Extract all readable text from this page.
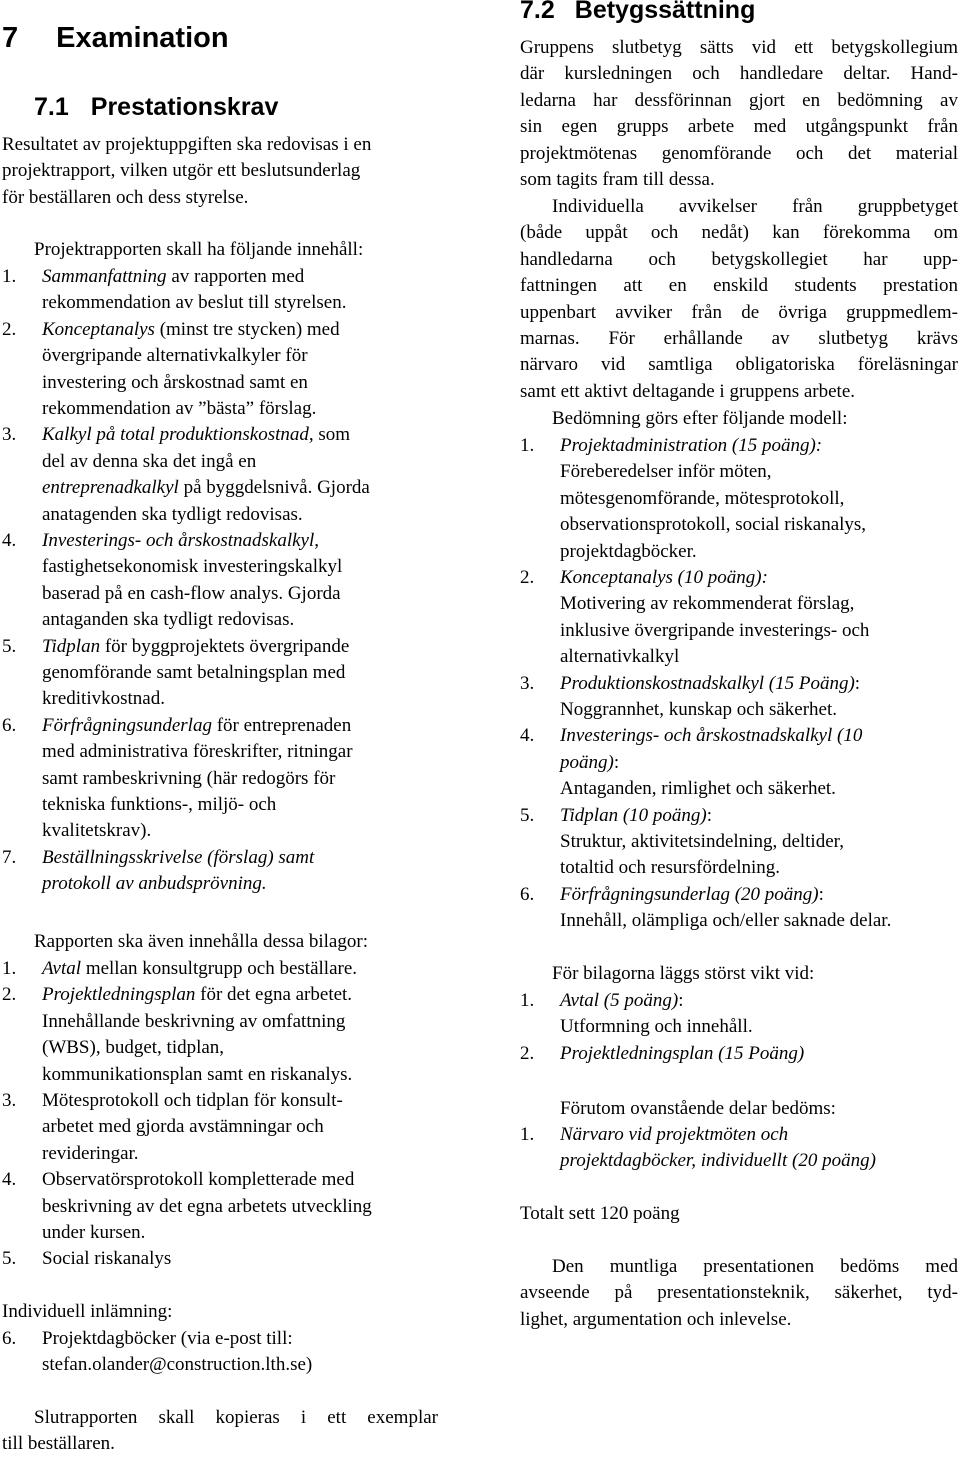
7 Examination
7.1 Prestationskrav
Resultatet av projektuppgiften ska redovisas i en
projektrapport, vilken utgör ett beslutsunderlag
för beställaren och dess styrelse.
Projektrapporten skall ha följande innehåll:
1. Sammanfattning av rapporten med
rekommendation av beslut till styrelsen.
2. Konceptanalys (minst tre stycken) med
övergripande alternativkalkyler för
investering och årskostnad samt en
rekommendation av ”bästa” förslag.
3. Kalkyl på total produktionskostnad, som
del av denna ska det ingå en
entreprenadkalkyl på byggdelsnivå. Gjorda
anatagenden ska tydligt redovisas.
4. Investerings- och årskostnadskalkyl,
fastighetsekonomisk investeringskalkyl
baserad på en cash-flow analys. Gjorda
antaganden ska tydligt redovisas.
5. Tidplan för byggprojektets övergripande
genomförande samt betalningsplan med
kreditivkostnad.
6. Förfrågningsunderlag för entreprenaden
med administrativa föreskrifter, ritningar
samt rambeskrivning (här redogörs för
tekniska funktions-, miljö- och
kvalitetskrav).
7. Beställningsskrivelse (förslag) samt
protokoll av anbudsprövning.
Rapporten ska även innehålla dessa bilagor:
1. Avtal mellan konsultgrupp och beställare.
2. Projektledningsplan för det egna arbetet.
Innehållande beskrivning av omfattning
(WBS), budget, tidplan,
kommunikationsplan samt en riskanalys.
3. Mötesprotokoll och tidplan för konsult-
arbetet med gjorda avstämningar och
revideringar.
4. Observatörsprotokoll kompletterade med
beskrivning av det egna arbetets utveckling
under kursen.
5. Social riskanalys
Individuell inlämning:
6. Projektdagböcker (via e-post till:
stefan.olander@construction.lth.se)
Slutrapporten skall kopieras i ett exemplar
till beställaren.
7.2 Betygssättning
Gruppens slutbetyg sätts vid ett betygskollegium
där kursledningen och handledare deltar. Hand-
ledarna har dessförinnan gjort en bedömning av
sin egen grupps arbete med utgångspunkt från
projektmötenas genomförande och det material
som tagits fram till dessa.
Individuella avvikelser från gruppbetyget
(både uppåt och nedåt) kan förekomma om
handledarna och betygskollegiet har upp-
fattningen att en enskild students prestation
uppenbart avviker från de övriga gruppmedlem-
marnas. För erhållande av slutbetyg krävs
närvaro vid samtliga obligatoriska föreläsningar
samt ett aktivt deltagande i gruppens arbete.
Bedömning görs efter följande modell:
1. Projektadministration (15 poäng):
Föreberedelser inför möten,
mötesgenomförande, mötesprotokoll,
observationsprotokoll, social riskanalys,
projektdagböcker.
2. Konceptanalys (10 poäng):
Motivering av rekommenderat förslag,
inklusive övergripande investerings- och
alternativkalkyl
3. Produktionskostnadskalkyl (15 Poäng):
Noggrannhet, kunskap och säkerhet.
4. Investerings- och årskostnadskalkyl (10
poäng):
Antaganden, rimlighet och säkerhet.
5. Tidplan (10 poäng):
Struktur, aktivitetsindelning, deltider,
totaltid och resursfördelning.
6. Förfrågningsunderlag (20 poäng):
Innehåll, olämpliga och/eller saknade delar.
För bilagorna läggs störst vikt vid:
1. Avtal (5 poäng):
Utformning och innehåll.
2. Projektledningsplan (15 Poäng)
Förutom ovanstående delar bedöms:
1. Närvaro vid projektmöten och
projektdagböcker, individuellt (20 poäng)
Totalt sett 120 poäng
Den muntliga presentationen bedöms med
avseende på presentationsteknik, säkerhet, tyd-
lighet, argumentation och inlevelse.
